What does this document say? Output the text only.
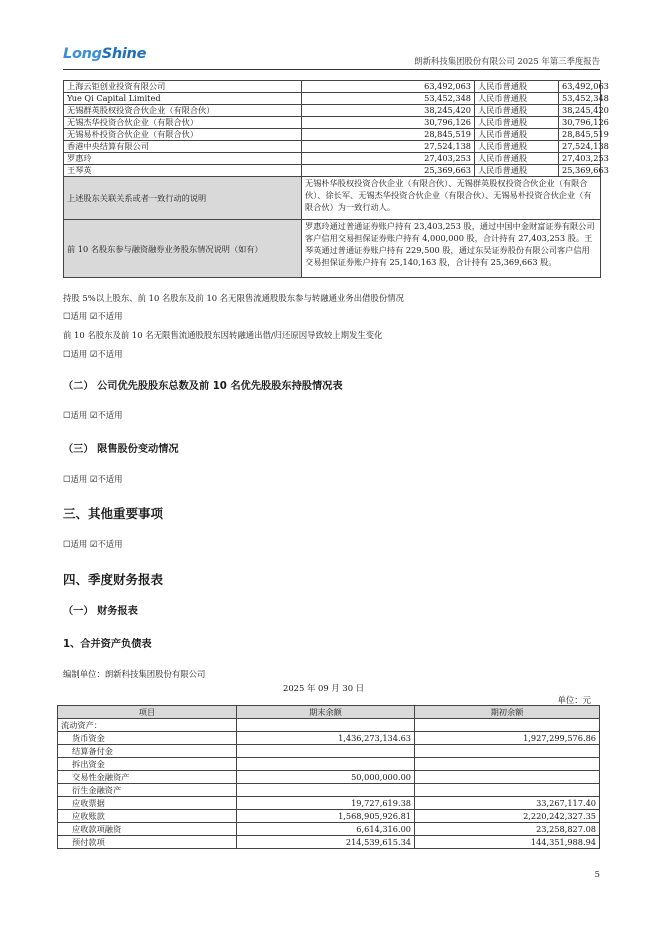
LongShine	朗新科技集团股份有限公司 2025 年第三季度报告
上海云钜创业投资有限公司	63,492,063	人民币普通股	63,492,063
Yue Qi Capital Limited	53,452,348	人民币普通股	53,452,348
无锡群英股权投资合伙企业（有限合伙）	38,245,420	人民币普通股	38,245,420
无锡杰华投资合伙企业（有限合伙）	30,796,126	人民币普通股	30,796,126
无锡易朴投资合伙企业（有限合伙）	28,845,519	人民币普通股	28,845,519
香港中央结算有限公司	27,524,138	人民币普通股	27,524,138
罗惠玲	27,403,253	人民币普通股	27,403,253
王琴英	25,369,663	人民币普通股	25,369,663
上述股东关联关系或者一致行动的说明	无锡朴华股权投资合伙企业（有限合伙）、无锡群英股权投资合伙企业（有限合伙）、徐长军、无锡杰华投资合伙企业（有限合伙）、无锡易朴投资合伙企业（有限合伙）为一致行动人。		
前 10 名股东参与融资融券业务股东情况说明（如有）	罗惠玲通过普通证券账户持有 23,403,253 股，通过中国中金财富证券有限公司客户信用交易担保证券账户持有 4,000,000 股，合计持有 27,403,253 股。王琴英通过普通证券账户持有 229,500 股，通过东吴证券股份有限公司客户信用交易担保证券账户持有 25,140,163 股，合计持有 25,369,663 股。		
持股 5%以上股东、前 10 名股东及前 10 名无限售流通股股东参与转融通业务出借股份情况
☐适用 ☑不适用
前 10 名股东及前 10 名无限售流通股股东因转融通出借/归还原因导致较上期发生变化
☐适用 ☑不适用
（二） 公司优先股股东总数及前 10 名优先股股东持股情况表
☐适用 ☑不适用
（三） 限售股份变动情况
☐适用 ☑不适用
三、其他重要事项
☐适用 ☑不适用
四、季度财务报表
（一） 财务报表
1、合并资产负债表
编制单位：朗新科技集团股份有限公司
2025 年 09 月 30 日
单位：元
项目	期末余额	期初余额
流动资产：		
货币资金	1,436,273,134.63	1,927,299,576.86
结算备付金		
拆出资金		
交易性金融资产	50,000,000.00	
衍生金融资产		
应收票据	19,727,619.38	33,267,117.40
应收账款	1,568,905,926.81	2,220,242,327.35
应收款项融资	6,614,316.00	23,258,827.08
预付款项	214,539,615.34	144,351,988.94
5
